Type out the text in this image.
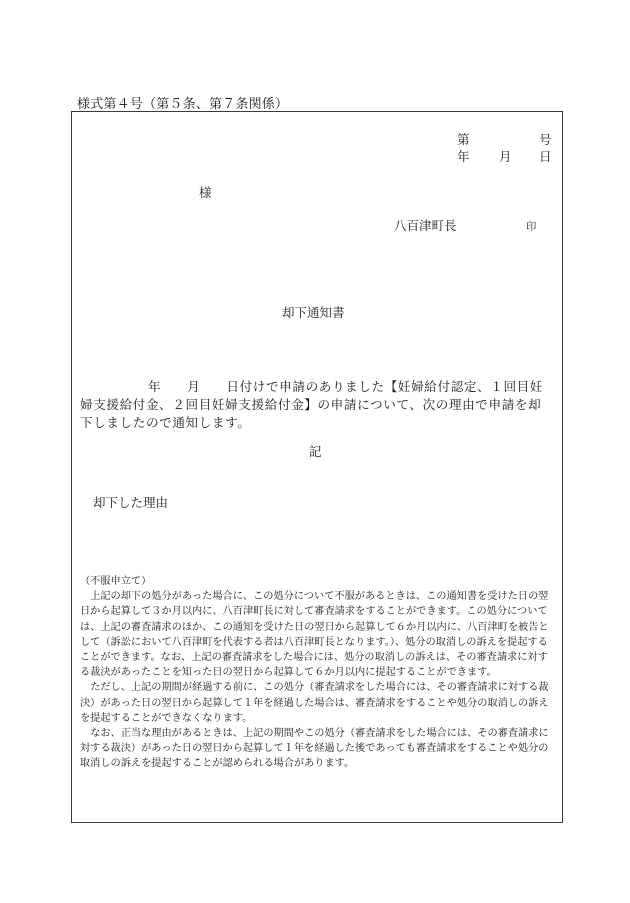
様式第４号（第５条、第７条関係）
第	号
年 月 日
様
八百津町長	印
却下通知書
年 月 日付けで申請のありました【妊婦給付認定、１回目妊婦支援給付金、２回目妊婦支援給付金】の申請について、次の理由で申請を却下しましたので通知します。
記
却下した理由

（不服申立て）

上記の却下の処分があった場合に、この処分について不服があるときは、この通知書を受けた日の翌日から起算して３か月以内に、八百津町長に対して審査請求をすることができます。この処分については、上記の審査請求のほか、この通知を受けた日の翌日から起算して６か月以内に、八百津町を被告として（訴訟において八百津町を代表する者は八百津町長となります。）、処分の取消しの訴えを提起することができます。なお、上記の審査請求をした場合には、処分の取消しの訴えは、その審査請求に対する裁決があったことを知った日の翌日から起算して６か月以内に提起することができます。

ただし、上記の期間が経過する前に、この処分（審査請求をした場合には、その審査請求に対する裁決）があった日の翌日から起算して１年を経過した場合は、審査請求をすることや処分の取消しの訴えを提起することができなくなります。

なお、正当な理由があるときは、上記の期間やこの処分（審査請求をした場合には、その審査請求に対する裁決）があった日の翌日から起算して１年を経過した後であっても審査請求をすることや処分の取消しの訴えを提起することが認められる場合があります。
